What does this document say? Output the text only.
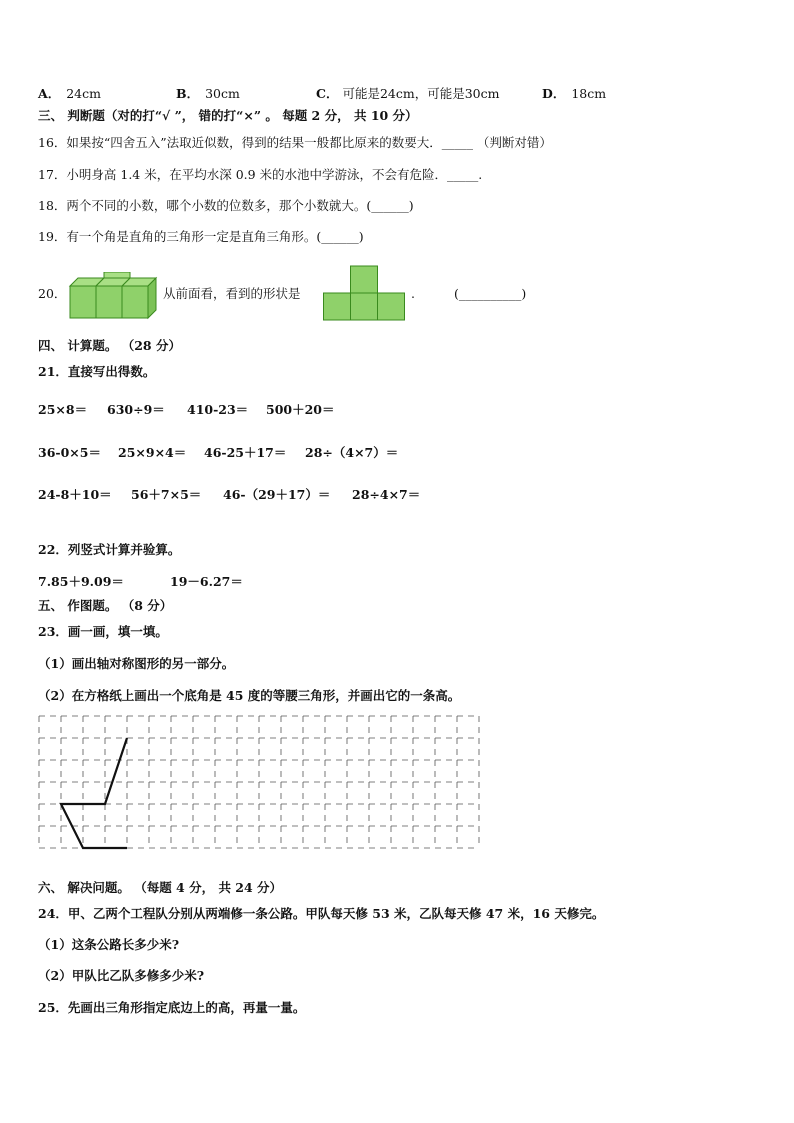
A． 24cm	B． 30cm	C． 可能是24cm，可能是30cm	D． 18cm
三、 判断题（对的打“√ ”， 错的打“×” 。 每题 2 分， 共 10 分）
16．如果按“四舍五入”法取近似数，得到的结果一般都比原来的数要大．_____ （判断对错）
17．小明身高 1.4 米，在平均水深 0.9 米的水池中学游泳，不会有危险．_____.
18．两个不同的小数，哪个小数的位数多，那个小数就大。(______)
19．有一个角是直角的三角形一定是直角三角形。(______)
20．	从前面看，看到的形状是	.	(__________)
四、 计算题。 （28 分）
21．直接写出得数。
25×8＝ 630÷9＝ 410-23＝ 500＋20＝
36-0×5＝ 25×9×4＝ 46-25＋17＝ 28÷（4×7）＝
24-8＋10＝ 56＋7×5＝ 46-（29＋17）＝ 28÷4×7＝
22．列竖式计算并验算。
7.85＋9.09＝	19－6.27＝
五、 作图题。 （8 分）
23．画一画，填一填。
（1）画出轴对称图形的另一部分。
（2）在方格纸上画出一个底角是 45 度的等腰三角形，并画出它的一条高。
六、 解决问题。 （每题 4 分， 共 24 分）
24．甲、乙两个工程队分别从两端修一条公路。甲队每天修 53 米，乙队每天修 47 米，16 天修完。
（1）这条公路长多少米?
（2）甲队比乙队多修多少米?
25．先画出三角形指定底边上的高，再量一量。
